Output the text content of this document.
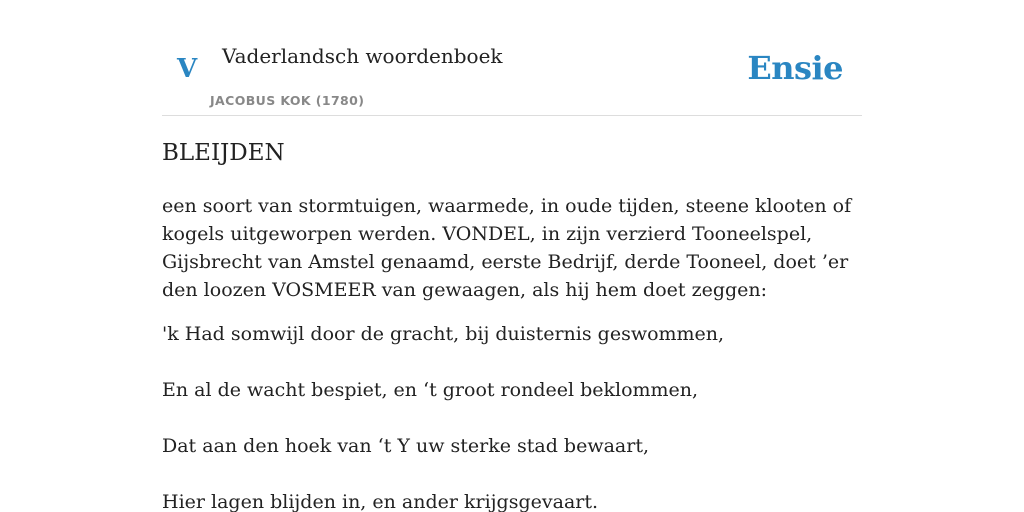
V Vaderlandsch woordenboek
JACOBUS KOK (1780)
Ensie
BLEIJDEN

een soort van stormtuigen, waarmede, in oude tijden, steene klooten of kogels uitgeworpen werden. VONDEL, in zijn verzierd Tooneelspel, Gijsbrecht van Amstel genaamd, eerste Bedrijf, derde Tooneel, doet ’er den loozen VOSMEER van gewaagen, als hij hem doet zeggen:

'k Had somwijl door de gracht, bij duisternis geswommen,

En al de wacht bespiet, en ‘t groot rondeel beklommen,

Dat aan den hoek van ‘t Y uw sterke stad bewaart,

Hier lagen blijden in, en ander krijgsgevaart.
